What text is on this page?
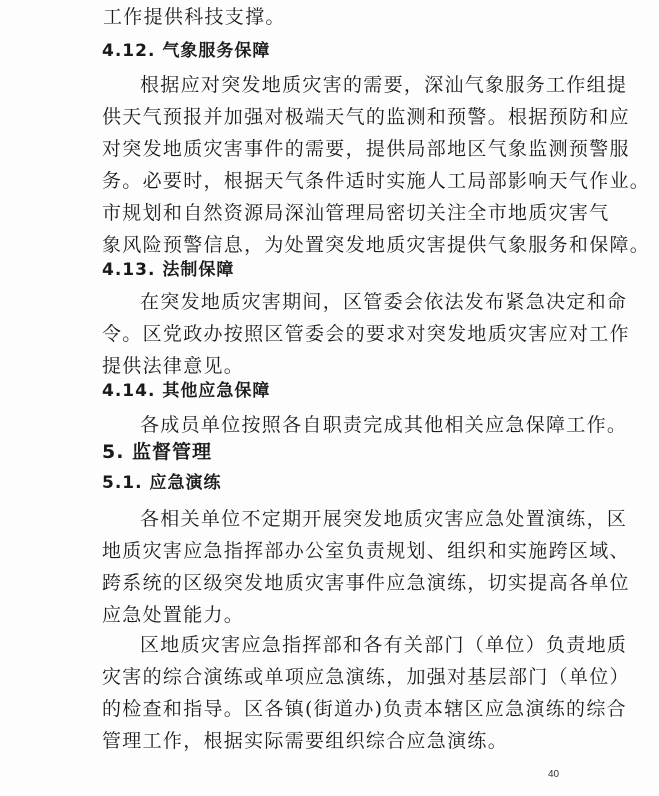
工作提供科技支撑。
4.12. 气象服务保障
根据应对突发地质灾害的需要，深汕气象服务工作组提
供天气预报并加强对极端天气的监测和预警。根据预防和应
对突发地质灾害事件的需要，提供局部地区气象监测预警服
务。必要时，根据天气条件适时实施人工局部影响天气作业。
市规划和自然资源局深汕管理局密切关注全市地质灾害气
象风险预警信息，为处置突发地质灾害提供气象服务和保障。
4.13. 法制保障
在突发地质灾害期间，区管委会依法发布紧急决定和命
令。区党政办按照区管委会的要求对突发地质灾害应对工作
提供法律意见。
4.14. 其他应急保障
各成员单位按照各自职责完成其他相关应急保障工作。
5. 监督管理
5.1. 应急演练
各相关单位不定期开展突发地质灾害应急处置演练，区
地质灾害应急指挥部办公室负责规划、组织和实施跨区域、
跨系统的区级突发地质灾害事件应急演练，切实提高各单位
应急处置能力。
区地质灾害应急指挥部和各有关部门（单位）负责地质
灾害的综合演练或单项应急演练，加强对基层部门（单位）
的检查和指导。区各镇(街道办)负责本辖区应急演练的综合
管理工作，根据实际需要组织综合应急演练。
40
